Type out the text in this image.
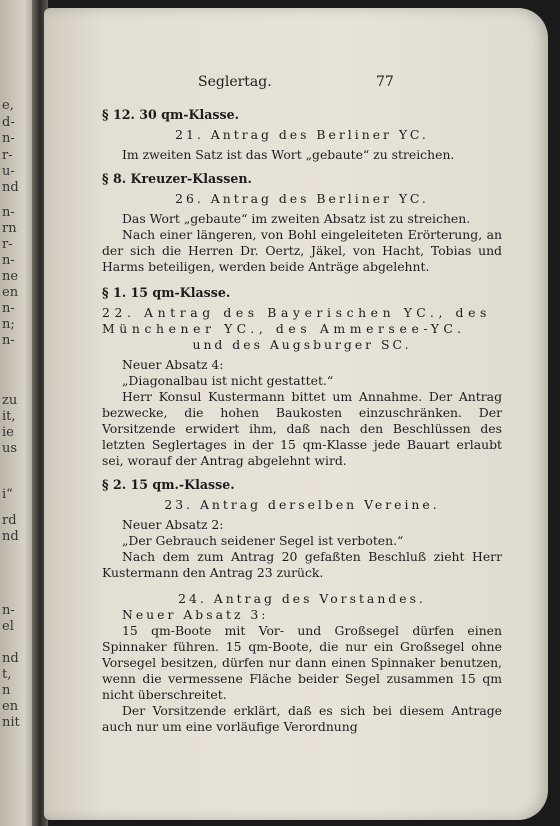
e,
d-
n-
r-
u-
nd
n-
rn
r-
n-
ne
en
n-
n;
n-
zu
it,
ie
us
i“
rd
nd
n-
el
nd
t,
n
en
nit
Seglertag.	77

§ 12. 30 qm-Klasse.

21. Antrag des Berliner YC.

Im zweiten Satz ist das Wort „gebaute“ zu streichen.

§ 8. Kreuzer-Klassen.

26. Antrag des Berliner YC.

Das Wort „gebaute“ im zweiten Absatz ist zu streichen.

Nach einer längeren, von Bohl eingeleiteten Erörterung, an der sich die Herren Dr. Oertz, Jäkel, von Hacht, Tobias und Harms beteiligen, werden beide Anträge abgelehnt.

§ 1. 15 qm-Klasse.

22. Antrag des Bayerischen YC., des

Münchener YC., des Ammersee-YC.

und des Augsburger SC.

Neuer Absatz 4:

„Diagonalbau ist nicht gestattet.“

Herr Konsul Kustermann bittet um Annahme. Der Antrag bezwecke, die hohen Baukosten einzuschränken. Der Vorsitzende erwidert ihm, daß nach den Beschlüssen des letzten Seglertages in der 15 qm-Klasse jede Bauart erlaubt sei, worauf der Antrag abgelehnt wird.

§ 2. 15 qm.-Klasse.

23. Antrag derselben Vereine.

Neuer Absatz 2:

„Der Gebrauch seidener Segel ist verboten.“

Nach dem zum Antrag 20 gefaßten Beschluß zieht Herr Kustermann den Antrag 23 zurück.

24. Antrag des Vorstandes.

Neuer Absatz 3:

15 qm-Boote mit Vor- und Großsegel dürfen einen Spinnaker führen. 15 qm-Boote, die nur ein Großsegel ohne Vorsegel besitzen, dürfen nur dann einen Spinnaker benutzen, wenn die vermessene Fläche beider Segel zusammen 15 qm nicht überschreitet.

Der Vorsitzende erklärt, daß es sich bei diesem Antrage auch nur um eine vorläufige Verordnung
